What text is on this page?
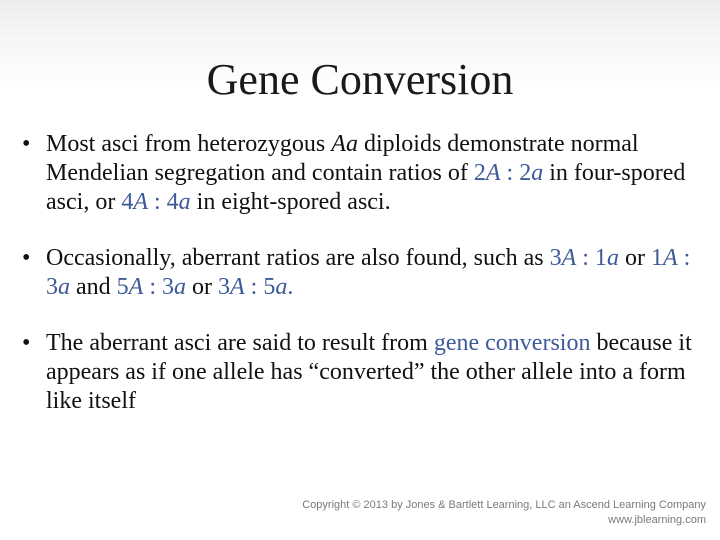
Gene Conversion
• Most asci from heterozygous Aa diploids demonstrate normal Mendelian segregation and contain ratios of 2A : 2a in four-spored asci, or 4A : 4a in eight-spored asci.
• Occasionally, aberrant ratios are also found, such as 3A : 1a or 1A : 3a and 5A : 3a or 3A : 5a.
• The aberrant asci are said to result from gene conversion because it appears as if one allele has “converted” the other allele into a form like itself
Copyright © 2013 by Jones & Bartlett Learning, LLC an Ascend Learning Company
www.jblearning.com
